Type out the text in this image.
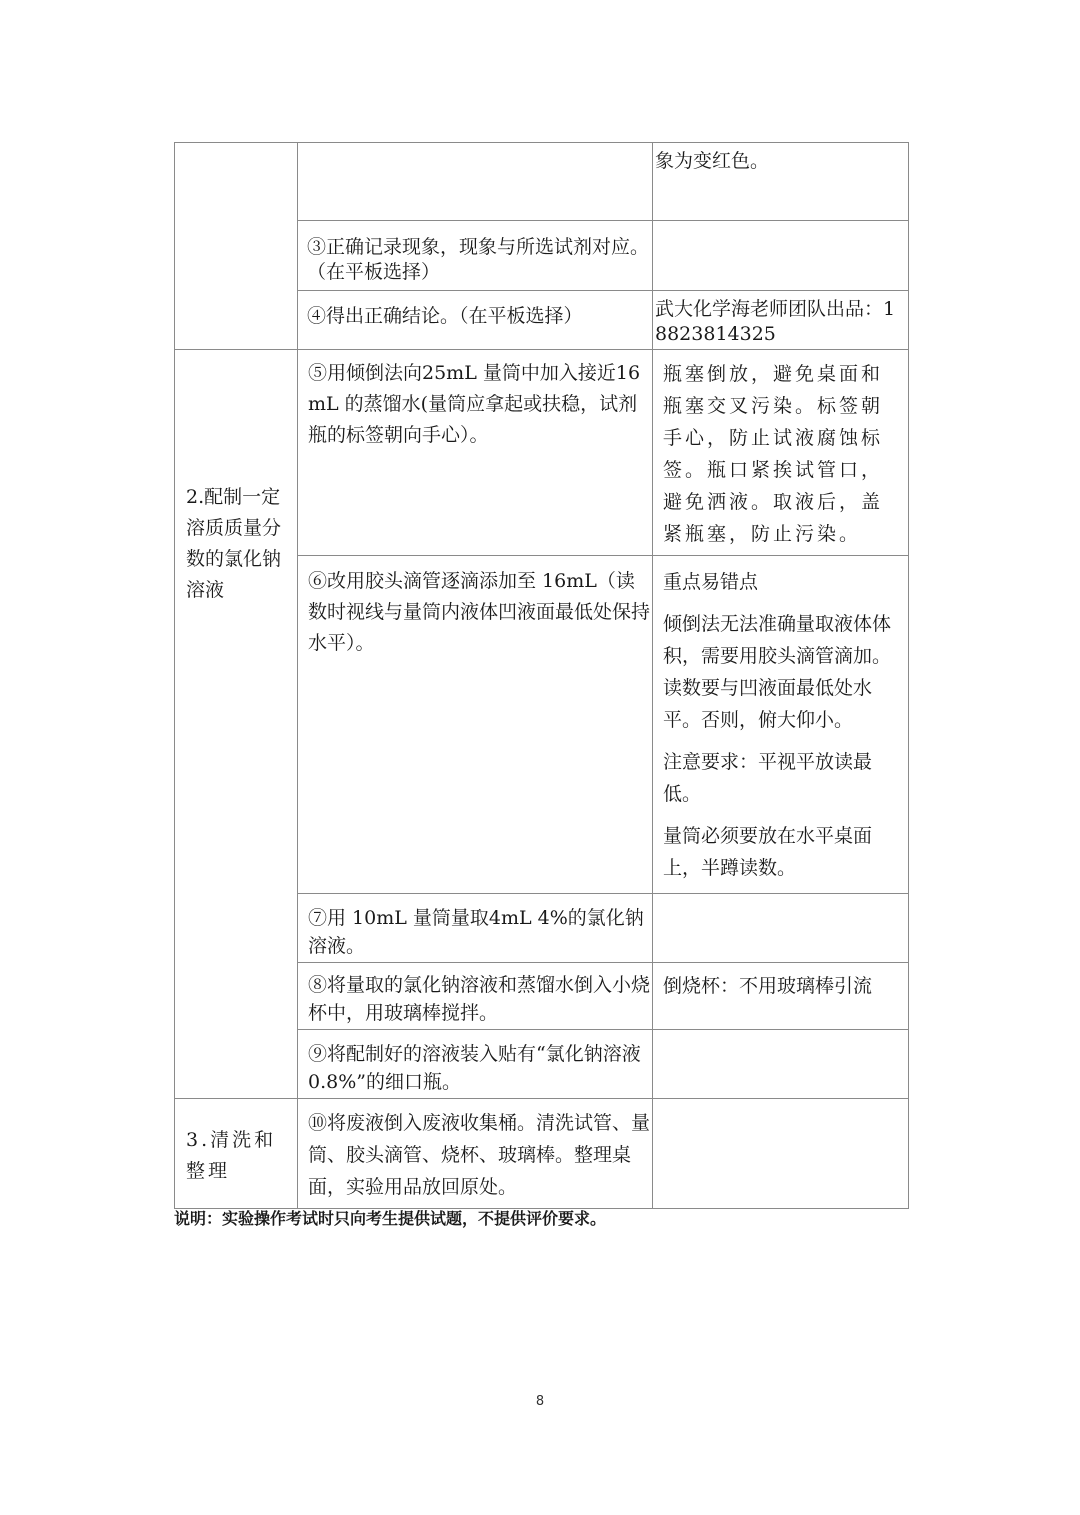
		象为变红色。
	③正确记录现象，现象与所选试剂对应。（在平板选择）	
	④得出正确结论。（在平板选择）	武大化学海老师团队出品：18823814325

2.配制一定溶质质量分数的氯化钠溶液	⑤用倾倒法向25mL 量筒中加入接近16mL 的蒸馏水(量筒应拿起或扶稳，试剂瓶的标签朝向手心）。	瓶塞倒放，避免桌面和瓶塞交叉污染。标签朝手心，防止试液腐蚀标签。瓶口紧挨试管口，避免洒液。取液后，盖紧瓶塞，防止污染。
	⑥改用胶头滴管逐滴添加至 16mL（读数时视线与量筒内液体凹液面最低处保持水平）。	重点易错点

倾倒法无法准确量取液体体积，需要用胶头滴管滴加。读数要与凹液面最低处水平。否则，俯大仰小。

注意要求：平视平放读最低。

量筒必须要放在水平桌面上，半蹲读数。

	⑦用 10mL 量筒量取4mL 4%的氯化钠溶液。	
	⑧将量取的氯化钠溶液和蒸馏水倒入小烧杯中，用玻璃棒搅拌。	倒烧杯：不用玻璃棒引流
	⑨将配制好的溶液装入贴有“氯化钠溶液0.8%”的细口瓶。	

3.清洗和整理	⑩将废液倒入废液收集桶。清洗试管、量筒、胶头滴管、烧杯、玻璃棒。整理桌面，实验用品放回原处。	
说明：实验操作考试时只向考生提供试题，不提供评价要求。
8
